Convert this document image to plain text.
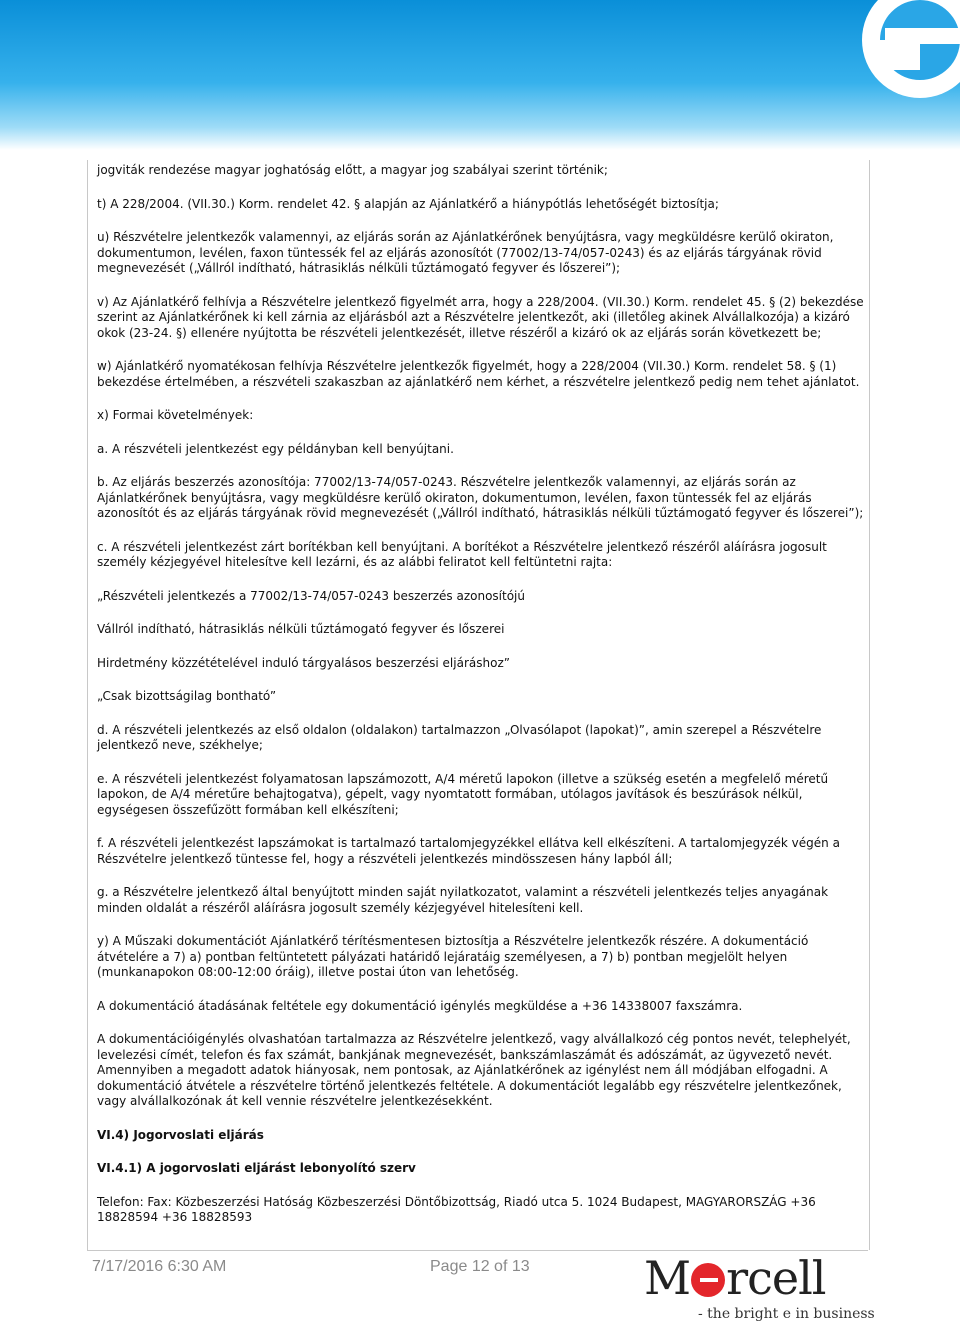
jogviták rendezése magyar joghatóság előtt, a magyar jog szabályai szerint történik;

t) A 228/2004. (VII.30.) Korm. rendelet 42. § alapján az Ajánlatkérő a hiánypótlás lehetőségét biztosítja;

u) Részvételre jelentkezők valamennyi, az eljárás során az Ajánlatkérőnek benyújtásra, vagy megküldésre kerülő okiraton, dokumentumon, levélen, faxon tüntessék fel az eljárás azonosítót (77002/13-74/057-0243) és az eljárás tárgyának rövid megnevezését („Vállról indítható, hátrasiklás nélküli tűztámogató fegyver és lőszerei”);

v) Az Ajánlatkérő felhívja a Részvételre jelentkező figyelmét arra, hogy a 228/2004. (VII.30.) Korm. rendelet 45. § (2) bekezdése szerint az Ajánlatkérőnek ki kell zárnia az eljárásból azt a Részvételre jelentkezőt, aki (illetőleg akinek Alvállalkozója) a kizáró okok (23-24. §) ellenére nyújtotta be részvételi jelentkezését, illetve részéről a kizáró ok az eljárás során következett be;

w) Ajánlatkérő nyomatékosan felhívja Részvételre jelentkezők figyelmét, hogy a 228/2004 (VII.30.) Korm. rendelet 58. § (1) bekezdése értelmében, a részvételi szakaszban az ajánlatkérő nem kérhet, a részvételre jelentkező pedig nem tehet ajánlatot.

x) Formai követelmények:

a. A részvételi jelentkezést egy példányban kell benyújtani.

b. Az eljárás beszerzés azonosítója: 77002/13-74/057-0243. Részvételre jelentkezők valamennyi, az eljárás során az Ajánlatkérőnek benyújtásra, vagy megküldésre kerülő okiraton, dokumentumon, levélen, faxon tüntessék fel az eljárás azonosítót és az eljárás tárgyának rövid megnevezését („Vállról indítható, hátrasiklás nélküli tűztámogató fegyver és lőszerei”);

c. A részvételi jelentkezést zárt borítékban kell benyújtani. A borítékot a Részvételre jelentkező részéről aláírásra jogosult személy kézjegyével hitelesítve kell lezárni, és az alábbi feliratot kell feltüntetni rajta:

„Részvételi jelentkezés a 77002/13-74/057-0243 beszerzés azonosítójú

Vállról indítható, hátrasiklás nélküli tűztámogató fegyver és lőszerei

Hirdetmény közzétételével induló tárgyalásos beszerzési eljáráshoz”

„Csak bizottságilag bontható”

d. A részvételi jelentkezés az első oldalon (oldalakon) tartalmazzon „Olvasólapot (lapokat)”, amin szerepel a Részvételre jelentkező neve, székhelye;

e. A részvételi jelentkezést folyamatosan lapszámozott, A/4 méretű lapokon (illetve a szükség esetén a megfelelő méretű lapokon, de A/4 méretűre behajtogatva), gépelt, vagy nyomtatott formában, utólagos javítások és beszúrások nélkül, egységesen összefűzött formában kell elkészíteni;

f. A részvételi jelentkezést lapszámokat is tartalmazó tartalomjegyzékkel ellátva kell elkészíteni. A tartalomjegyzék végén a Részvételre jelentkező tüntesse fel, hogy a részvételi jelentkezés mindösszesen hány lapból áll;

g. a Részvételre jelentkező által benyújtott minden saját nyilatkozatot, valamint a részvételi jelentkezés teljes anyagának minden oldalát a részéről aláírásra jogosult személy kézjegyével hitelesíteni kell.

y) A Műszaki dokumentációt Ajánlatkérő térítésmentesen biztosítja a Részvételre jelentkezők részére. A dokumentáció átvételére a 7) a) pontban feltüntetett pályázati határidő lejáratáig személyesen, a 7) b) pontban megjelölt helyen (munkanapokon 08:00-12:00 óráig), illetve postai úton van lehetőség.

A dokumentáció átadásának feltétele egy dokumentáció igénylés megküldése a +36 14338007 faxszámra.

A dokumentációigénylés olvashatóan tartalmazza az Részvételre jelentkező, vagy alvállalkozó cég pontos nevét, telephelyét, levelezési címét, telefon és fax számát, bankjának megnevezését, bankszámlaszámát és adószámát, az ügyvezető nevét. Amennyiben a megadott adatok hiányosak, nem pontosak, az Ajánlatkérőnek az igénylést nem áll módjában elfogadni. A dokumentáció átvétele a részvételre történő jelentkezés feltétele. A dokumentációt legalább egy részvételre jelentkezőnek, vagy alvállalkozónak át kell vennie részvételre jelentkezésekként.

VI.4) Jogorvoslati eljárás

VI.4.1) A jogorvoslati eljárást lebonyolító szerv

Telefon: Fax: Közbeszerzési Hatóság Közbeszerzési Döntőbizottság, Riadó utca 5. 1024 Budapest, MAGYARORSZÁG +36 18828594 +36 18828593

7/17/2016 6:30 AM	Page 12 of 13 M rcell
- the bright e in business
